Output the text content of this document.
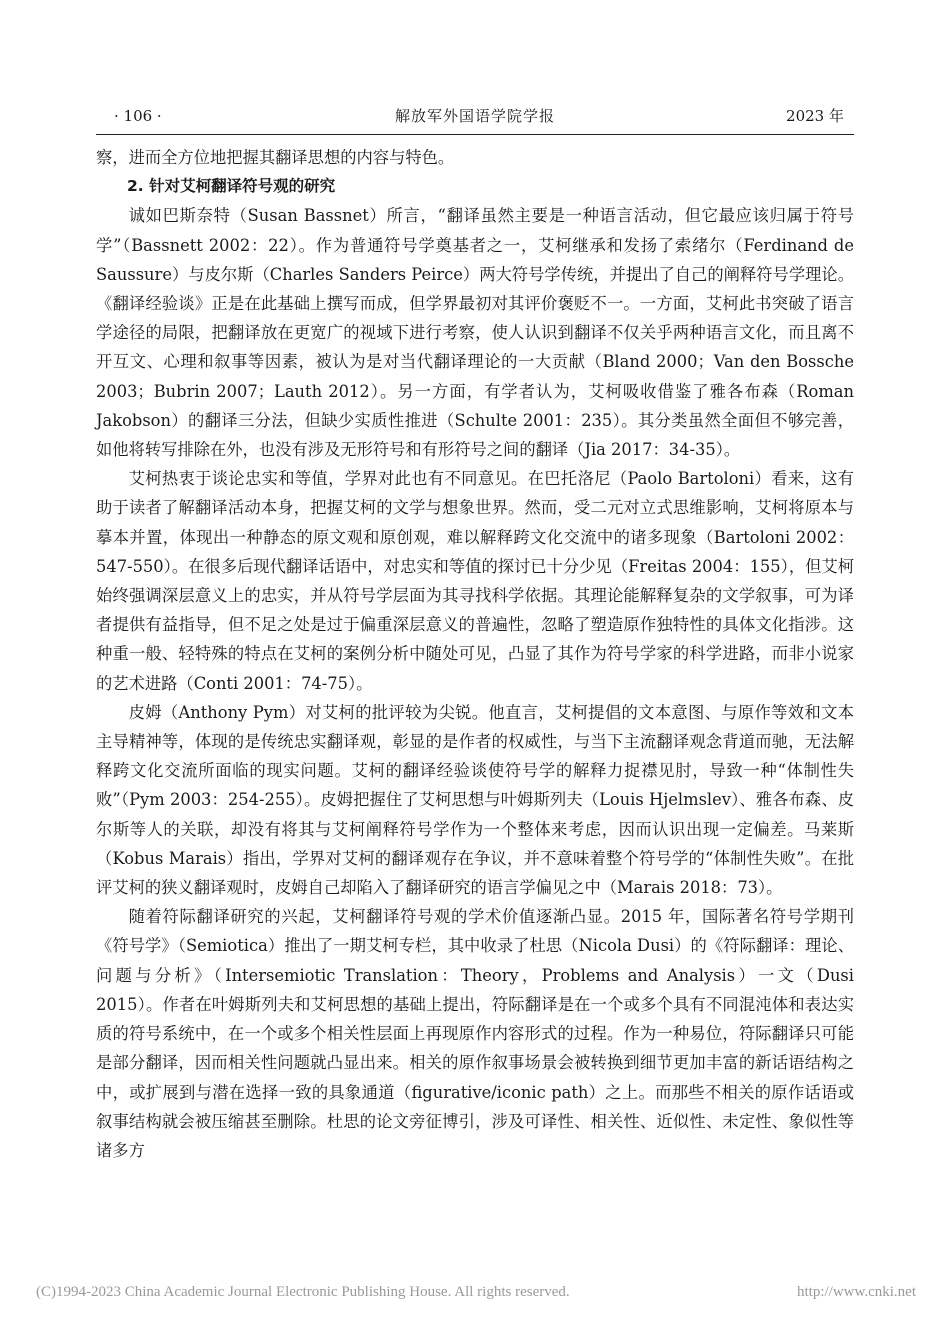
· 106 ·	解放军外国语学院学报	2023 年

察，进而全方位地把握其翻译思想的内容与特色。

2. 针对艾柯翻译符号观的研究

诚如巴斯奈特（Susan Bassnet）所言，“翻译虽然主要是一种语言活动，但它最应该归属于符号学”（Bassnett 2002：22）。作为普通符号学奠基者之一，艾柯继承和发扬了索绪尔（Ferdinand de Saussure）与皮尔斯（Charles Sanders Peirce）两大符号学传统，并提出了自己的阐释符号学理论。《翻译经验谈》正是在此基础上撰写而成，但学界最初对其评价褒贬不一。一方面，艾柯此书突破了语言学途径的局限，把翻译放在更宽广的视域下进行考察，使人认识到翻译不仅关乎两种语言文化，而且离不开互文、心理和叙事等因素，被认为是对当代翻译理论的一大贡献（Bland 2000；Van den Bossche 2003；Bubrin 2007；Lauth 2012）。另一方面，有学者认为，艾柯吸收借鉴了雅各布森（Roman Jakobson）的翻译三分法，但缺少实质性推进（Schulte 2001：235）。其分类虽然全面但不够完善，如他将转写排除在外，也没有涉及无形符号和有形符号之间的翻译（Jia 2017：34-35）。

艾柯热衷于谈论忠实和等值，学界对此也有不同意见。在巴托洛尼（Paolo Bartoloni）看来，这有助于读者了解翻译活动本身，把握艾柯的文学与想象世界。然而，受二元对立式思维影响，艾柯将原本与摹本并置，体现出一种静态的原文观和原创观，难以解释跨文化交流中的诸多现象（Bartoloni 2002：547-550）。在很多后现代翻译话语中，对忠实和等值的探讨已十分少见（Freitas 2004：155），但艾柯始终强调深层意义上的忠实，并从符号学层面为其寻找科学依据。其理论能解释复杂的文学叙事，可为译者提供有益指导，但不足之处是过于偏重深层意义的普遍性，忽略了塑造原作独特性的具体文化指涉。这种重一般、轻特殊的特点在艾柯的案例分析中随处可见，凸显了其作为符号学家的科学进路，而非小说家的艺术进路（Conti 2001：74-75）。

皮姆（Anthony Pym）对艾柯的批评较为尖锐。他直言，艾柯提倡的文本意图、与原作等效和文本主导精神等，体现的是传统忠实翻译观，彰显的是作者的权威性，与当下主流翻译观念背道而驰，无法解释跨文化交流所面临的现实问题。艾柯的翻译经验谈使符号学的解释力捉襟见肘，导致一种“体制性失败”（Pym 2003：254-255）。皮姆把握住了艾柯思想与叶姆斯列夫（Louis Hjelmslev）、雅各布森、皮尔斯等人的关联，却没有将其与艾柯阐释符号学作为一个整体来考虑，因而认识出现一定偏差。马莱斯（Kobus Marais）指出，学界对艾柯的翻译观存在争议，并不意味着整个符号学的“体制性失败”。在批评艾柯的狭义翻译观时，皮姆自己却陷入了翻译研究的语言学偏见之中（Marais 2018：73）。

随着符际翻译研究的兴起，艾柯翻译符号观的学术价值逐渐凸显。2015 年，国际著名符号学期刊《符号学》（Semiotica）推出了一期艾柯专栏，其中收录了杜思（Nicola Dusi）的《符际翻译：理论、问题与分析》（Intersemiotic Translation：Theory，Problems and Analysis）一文（Dusi 2015）。作者在叶姆斯列夫和艾柯思想的基础上提出，符际翻译是在一个或多个具有不同混沌体和表达实质的符号系统中，在一个或多个相关性层面上再现原作内容形式的过程。作为一种易位，符际翻译只可能是部分翻译，因而相关性问题就凸显出来。相关的原作叙事场景会被转换到细节更加丰富的新话语结构之中，或扩展到与潜在选择一致的具象通道（figurative/iconic path）之上。而那些不相关的原作话语或叙事结构就会被压缩甚至删除。杜思的论文旁征博引，涉及可译性、相关性、近似性、未定性、象似性等诸多方

(C)1994-2023 China Academic Journal Electronic Publishing House. All rights reserved.	http://www.cnki.net
